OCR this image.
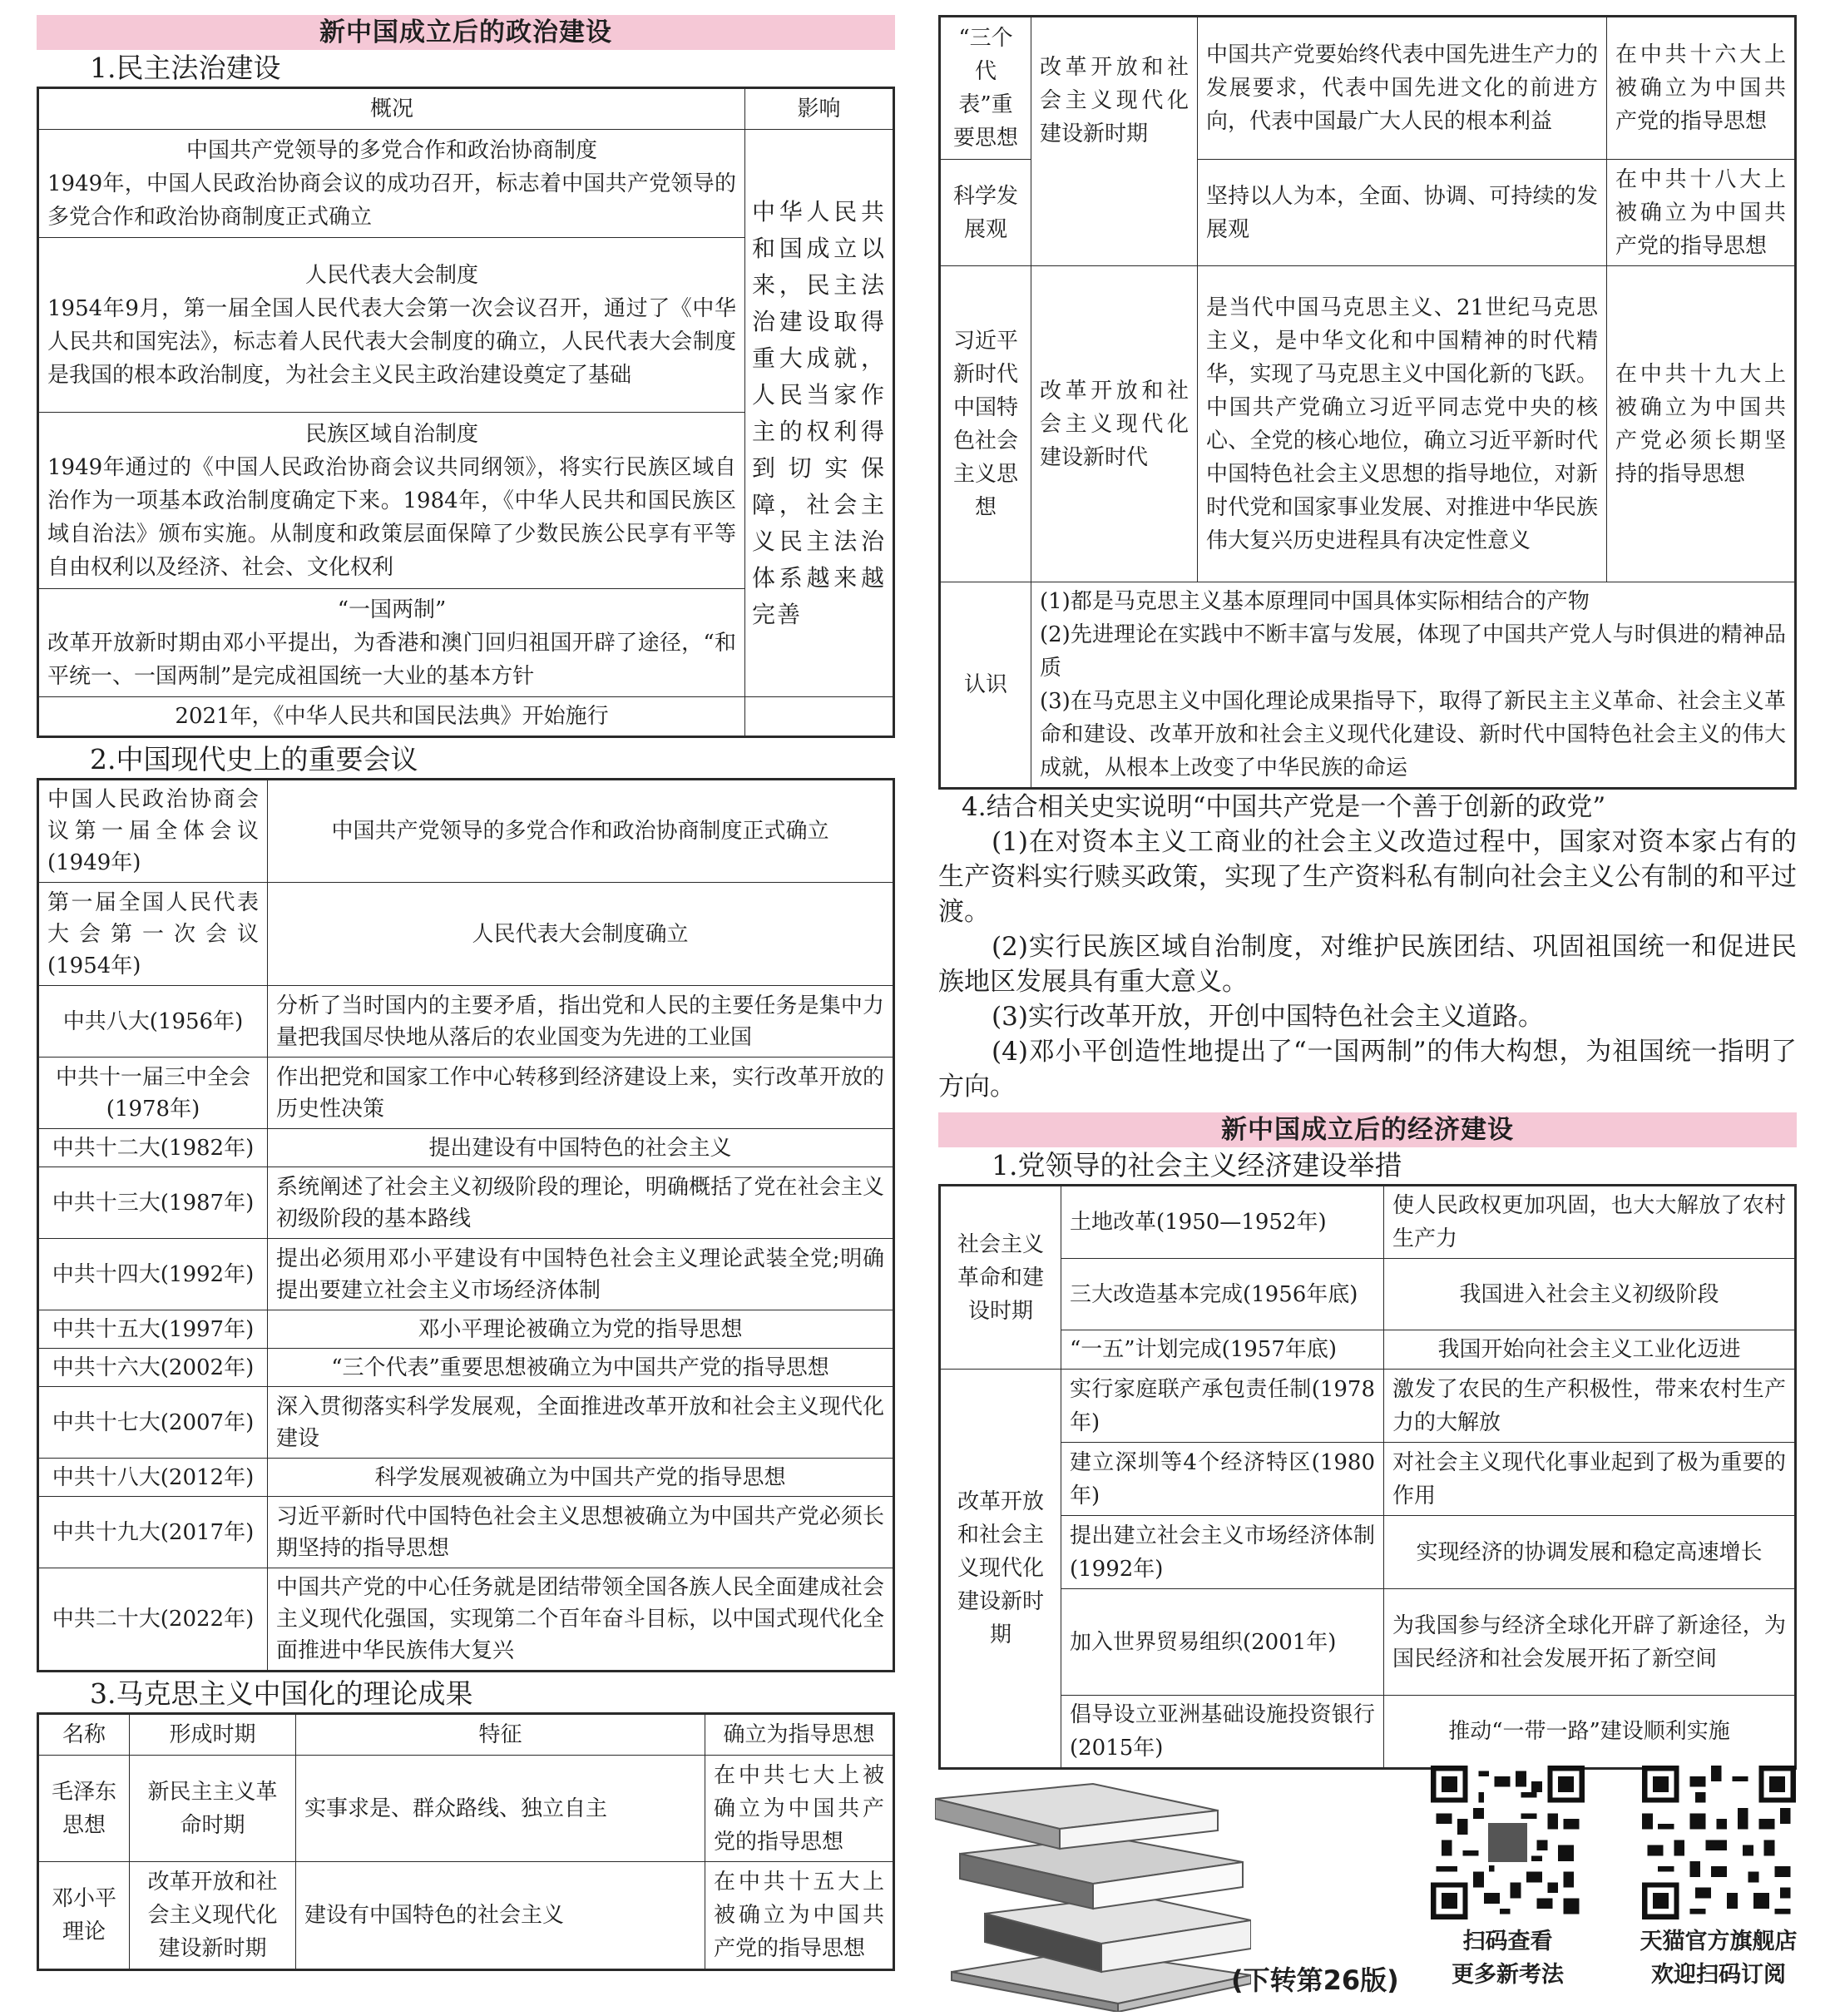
新中国成立后的政治建设
1.民主法治建设
概况	影响

中国共产党领导的多党合作和政治协商制度
1949年，中国人民政治协商会议的成功召开，标志着中国共产党领导的多党合作和政治协商制度正式确立	中华人民共和国成立以来，民主法治建设取得重大成就，人民当家作主的权利得到切实保障，社会主义民主法治体系越来越完善

人民代表大会制度
1954年9月，第一届全国人民代表大会第一次会议召开，通过了《中华人民共和国宪法》，标志着人民代表大会制度的确立，人民代表大会制度是我国的根本政治制度，为社会主义民主政治建设奠定了基础	

民族区域自治制度
1949年通过的《中国人民政治协商会议共同纲领》，将实行民族区域自治作为一项基本政治制度确定下来。1984年，《中华人民共和国民族区域自治法》颁布实施。从制度和政策层面保障了少数民族公民享有平等自由权利以及经济、社会、文化权利	

“一国两制”
改革开放新时期由邓小平提出，为香港和澳门回归祖国开辟了途径，“和平统一、一国两制”是完成祖国统一大业的基本方针	
2021年，《中华人民共和国民法典》开始施行	
2.中国现代史上的重要会议
中国人民政治协商会议第一届全体会议(1949年)	中国共产党领导的多党合作和政治协商制度正式确立
第一届全国人民代表大会第一次会议(1954年)	人民代表大会制度确立
中共八大(1956年)	分析了当时国内的主要矛盾，指出党和人民的主要任务是集中力量把我国尽快地从落后的农业国变为先进的工业国
中共十一届三中全会(1978年)	作出把党和国家工作中心转移到经济建设上来，实行改革开放的历史性决策
中共十二大(1982年)	提出建设有中国特色的社会主义
中共十三大(1987年)	系统阐述了社会主义初级阶段的理论，明确概括了党在社会主义初级阶段的基本路线
中共十四大(1992年)	提出必须用邓小平建设有中国特色社会主义理论武装全党;明确提出要建立社会主义市场经济体制
中共十五大(1997年)	邓小平理论被确立为党的指导思想
中共十六大(2002年)	“三个代表”重要思想被确立为中国共产党的指导思想
中共十七大(2007年)	深入贯彻落实科学发展观，全面推进改革开放和社会主义现代化建设
中共十八大(2012年)	科学发展观被确立为中国共产党的指导思想
中共十九大(2017年)	习近平新时代中国特色社会主义思想被确立为中国共产党必须长期坚持的指导思想
中共二十大(2022年)	中国共产党的中心任务就是团结带领全国各族人民全面建成社会主义现代化强国，实现第二个百年奋斗目标，以中国式现代化全面推进中华民族伟大复兴
3.马克思主义中国化的理论成果
名称	形成时期	特征	确立为指导思想
毛泽东思想	新民主主义革命时期	实事求是、群众路线、独立自主	在中共七大上被确立为中国共产党的指导思想
邓小平理论	改革开放和社会主义现代化建设新时期	建设有中国特色的社会主义	在中共十五大上被确立为中国共产党的指导思想
“三个代表”重要思想	改革开放和社会主义现代化建设新时期	中国共产党要始终代表中国先进生产力的发展要求，代表中国先进文化的前进方向，代表中国最广大人民的根本利益	在中共十六大上被确立为中国共产党的指导思想
科学发展观		坚持以人为本，全面、协调、可持续的发展观	在中共十八大上被确立为中国共产党的指导思想
习近平新时代中国特色社会主义思想	改革开放和社会主义现代化建设新时代	是当代中国马克思主义、21世纪马克思主义，是中华文化和中国精神的时代精华，实现了马克思主义中国化新的飞跃。中国共产党确立习近平同志党中央的核心、全党的核心地位，确立习近平新时代中国特色社会主义思想的指导地位，对新时代党和国家事业发展、对推进中华民族伟大复兴历史进程具有决定性意义	在中共十九大上被确立为中国共产党必须长期坚持的指导思想
认识	(1)都是马克思主义基本原理同中国具体实际相结合的产物
(2)先进理论在实践中不断丰富与发展，体现了中国共产党人与时俱进的精神品质
(3)在马克思主义中国化理论成果指导下，取得了新民主主义革命、社会主义革命和建设、改革开放和社会主义现代化建设、新时代中国特色社会主义的伟大成就，从根本上改变了中华民族的命运		
4.结合相关史实说明“中国共产党是一个善于创新的政党”
(1)在对资本主义工商业的社会主义改造过程中，国家对资本家占有的生产资料实行赎买政策，实现了生产资料私有制向社会主义公有制的和平过渡。
(2)实行民族区域自治制度，对维护民族团结、巩固祖国统一和促进民族地区发展具有重大意义。
(3)实行改革开放，开创中国特色社会主义道路。
(4)邓小平创造性地提出了“一国两制”的伟大构想，为祖国统一指明了方向。
新中国成立后的经济建设
1.党领导的社会主义经济建设举措
社会主义革命和建设时期	土地改革(1950—1952年)	使人民政权更加巩固，也大大解放了农村生产力
	三大改造基本完成(1956年底)	我国进入社会主义初级阶段
	“一五”计划完成(1957年底)	我国开始向社会主义工业化迈进
改革开放和社会主义现代化建设新时期	实行家庭联产承包责任制(1978年)	激发了农民的生产积极性，带来农村生产力的大解放
	建立深圳等4个经济特区(1980年)	对社会主义现代化事业起到了极为重要的作用
	提出建立社会主义市场经济体制(1992年)	实现经济的协调发展和稳定高速增长
	加入世界贸易组织(2001年)	为我国参与经济全球化开辟了新途径，为国民经济和社会发展开拓了新空间
	倡导设立亚洲基础设施投资银行(2015年)	推动“一带一路”建设顺利实施
(下转第26版)
扫码查看
更多新考法
天猫官方旗舰店
欢迎扫码订阅
